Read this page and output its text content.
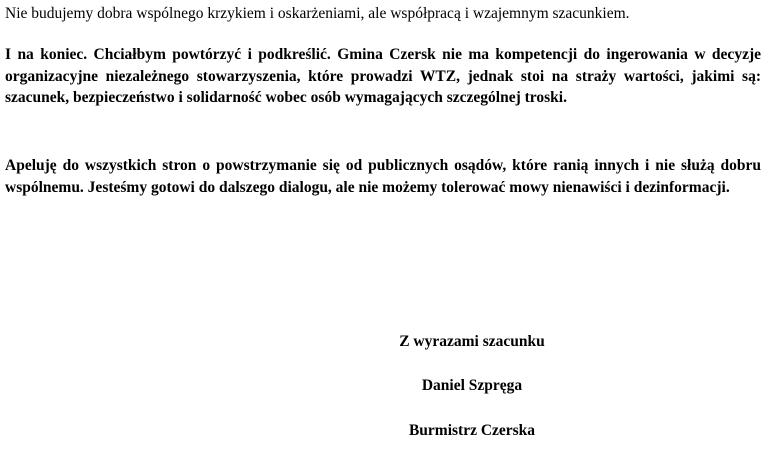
Nie budujemy dobra wspólnego krzykiem i oskarżeniami, ale współpracą i wzajemnym szacunkiem.
I na koniec. Chciałbym powtórzyć i podkreślić. Gmina Czersk nie ma kompetencji do ingerowania w decyzje organizacyjne niezależnego stowarzyszenia, które prowadzi WTZ, jednak stoi na straży wartości, jakimi są: szacunek, bezpieczeństwo i solidarność wobec osób wymagających szczególnej troski.
Apeluję do wszystkich stron o powstrzymanie się od publicznych osądów, które ranią innych i nie służą dobru wspólnemu. Jesteśmy gotowi do dalszego dialogu, ale nie możemy tolerować mowy nienawiści i dezinformacji.
Z wyrazami szacunku
Daniel Szpręga
Burmistrz Czerska
